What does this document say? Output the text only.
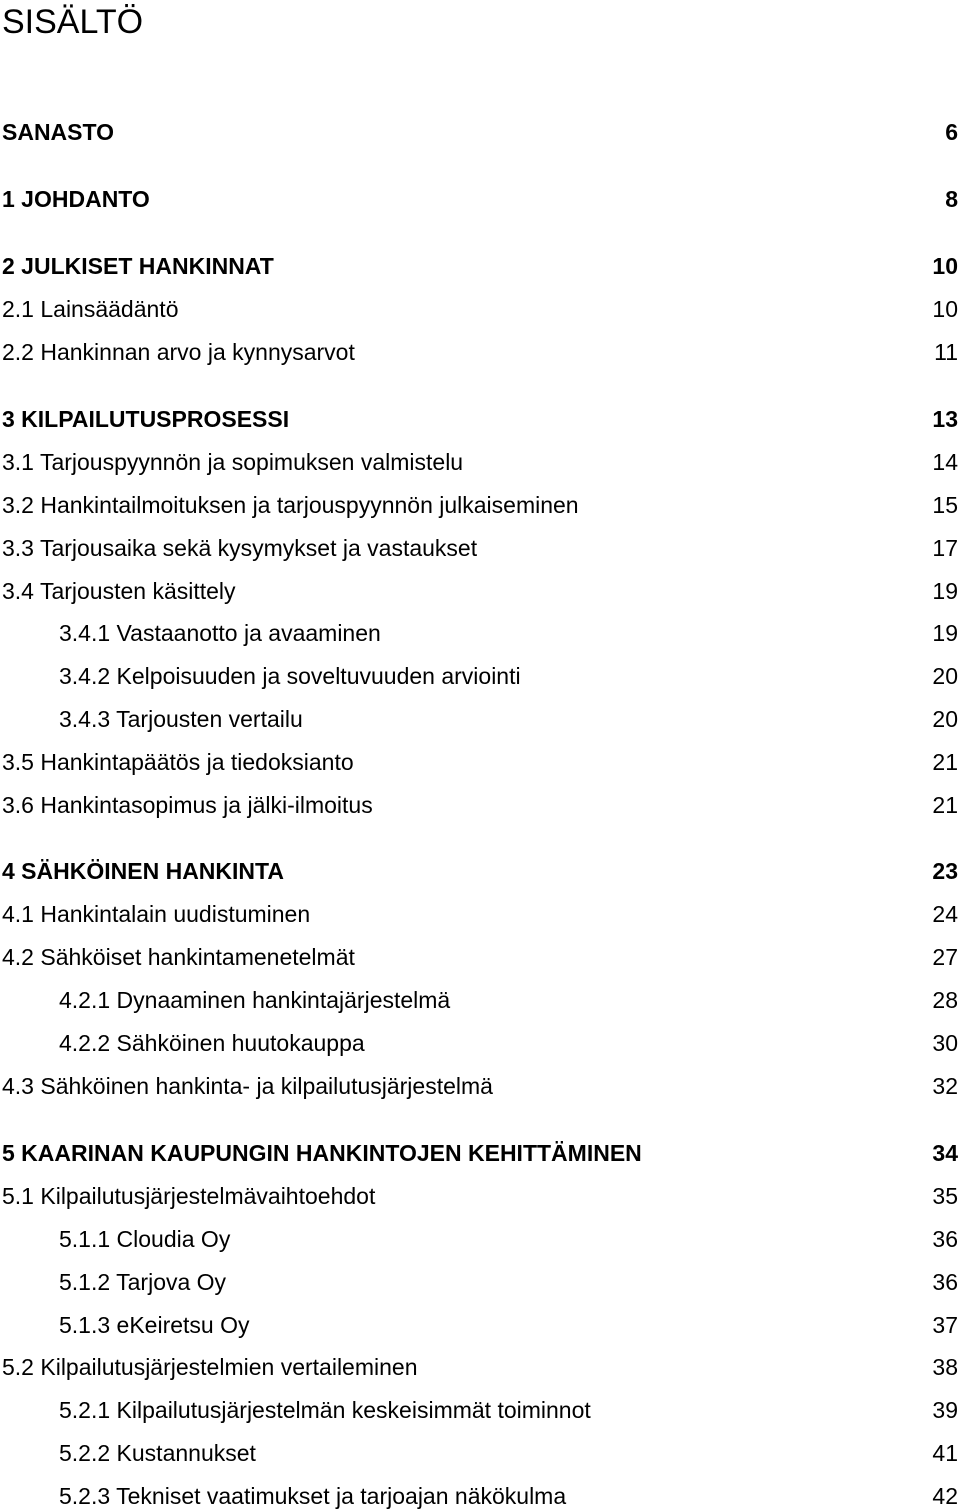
SISÄLTÖ
SANASTO	6
1 JOHDANTO	8
2 JULKISET HANKINNAT	10
2.1 Lainsäädäntö	10
2.2 Hankinnan arvo ja kynnysarvot	11
3 KILPAILUTUSPROSESSI	13
3.1 Tarjouspyynnön ja sopimuksen valmistelu	14
3.2 Hankintailmoituksen ja tarjouspyynnön julkaiseminen	15
3.3 Tarjousaika sekä kysymykset ja vastaukset	17
3.4 Tarjousten käsittely	19
3.4.1 Vastaanotto ja avaaminen	19
3.4.2 Kelpoisuuden ja soveltuvuuden arviointi	20
3.4.3 Tarjousten vertailu	20
3.5 Hankintapäätös ja tiedoksianto	21
3.6 Hankintasopimus ja jälki-ilmoitus	21
4 SÄHKÖINEN HANKINTA	23
4.1 Hankintalain uudistuminen	24
4.2 Sähköiset hankintamenetelmät	27
4.2.1 Dynaaminen hankintajärjestelmä	28
4.2.2 Sähköinen huutokauppa	30
4.3 Sähköinen hankinta- ja kilpailutusjärjestelmä	32
5 KAARINAN KAUPUNGIN HANKINTOJEN KEHITTÄMINEN	34
5.1 Kilpailutusjärjestelmävaihtoehdot	35
5.1.1 Cloudia Oy	36
5.1.2 Tarjova Oy	36
5.1.3 eKeiretsu Oy	37
5.2 Kilpailutusjärjestelmien vertaileminen	38
5.2.1 Kilpailutusjärjestelmän keskeisimmät toiminnot	39
5.2.2 Kustannukset	41
5.2.3 Tekniset vaatimukset ja tarjoajan näkökulma	42
